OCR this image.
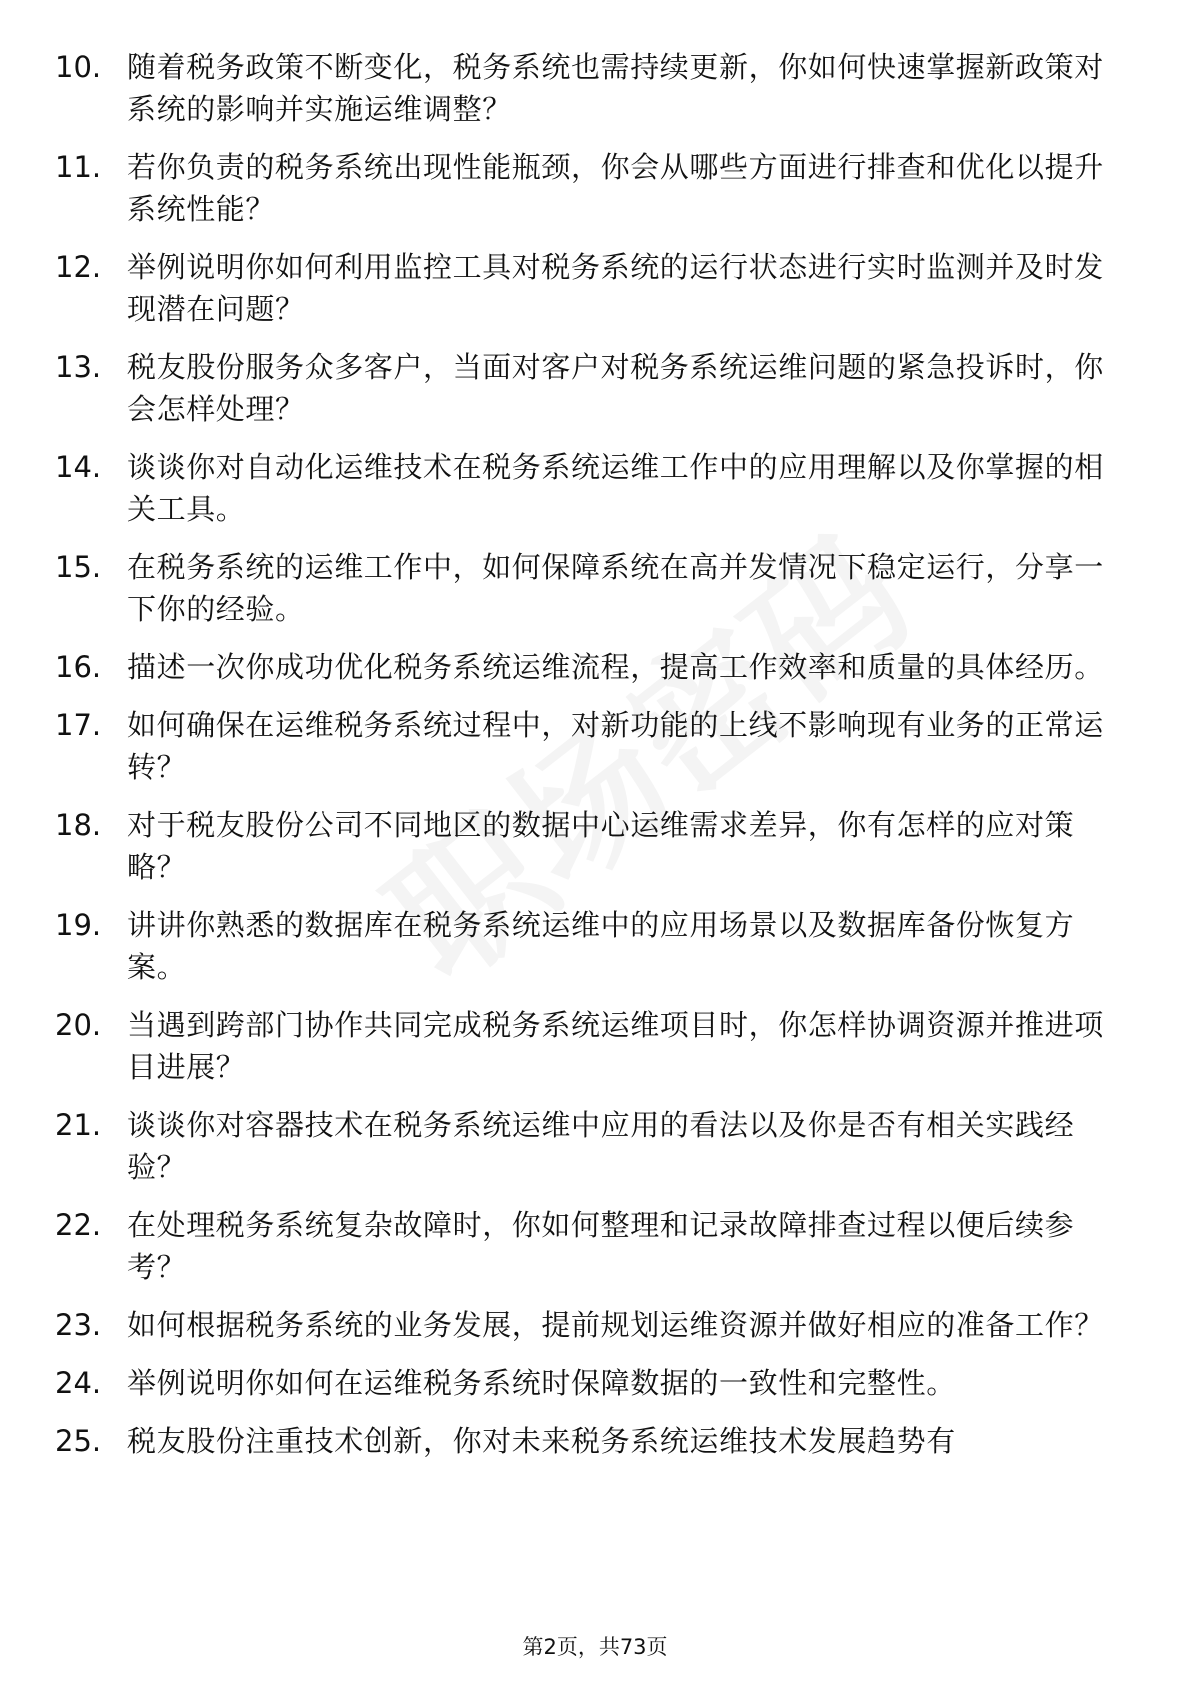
10. 随着税务政策不断变化，税务系统也需持续更新，你如何快速掌握新政策对系统的影响并实施运维调整？
11. 若你负责的税务系统出现性能瓶颈，你会从哪些方面进行排查和优化以提升系统性能？
12. 举例说明你如何利用监控工具对税务系统的运行状态进行实时监测并及时发现潜在问题？
13. 税友股份服务众多客户，当面对客户对税务系统运维问题的紧急投诉时，你会怎样处理？
14. 谈谈你对自动化运维技术在税务系统运维工作中的应用理解以及你掌握的相关工具。
15. 在税务系统的运维工作中，如何保障系统在高并发情况下稳定运行，分享一下你的经验。
16. 描述一次你成功优化税务系统运维流程，提高工作效率和质量的具体经历。
17. 如何确保在运维税务系统过程中，对新功能的上线不影响现有业务的正常运转？
18. 对于税友股份公司不同地区的数据中心运维需求差异，你有怎样的应对策略？
19. 讲讲你熟悉的数据库在税务系统运维中的应用场景以及数据库备份恢复方案。
20. 当遇到跨部门协作共同完成税务系统运维项目时，你怎样协调资源并推进项目进展？
21. 谈谈你对容器技术在税务系统运维中应用的看法以及你是否有相关实践经验？
22. 在处理税务系统复杂故障时，你如何整理和记录故障排查过程以便后续参考？
23. 如何根据税务系统的业务发展，提前规划运维资源并做好相应的准备工作？
24. 举例说明你如何在运维税务系统时保障数据的一致性和完整性。
25. 税友股份注重技术创新，你对未来税务系统运维技术发展趋势有
第2页，共73页
